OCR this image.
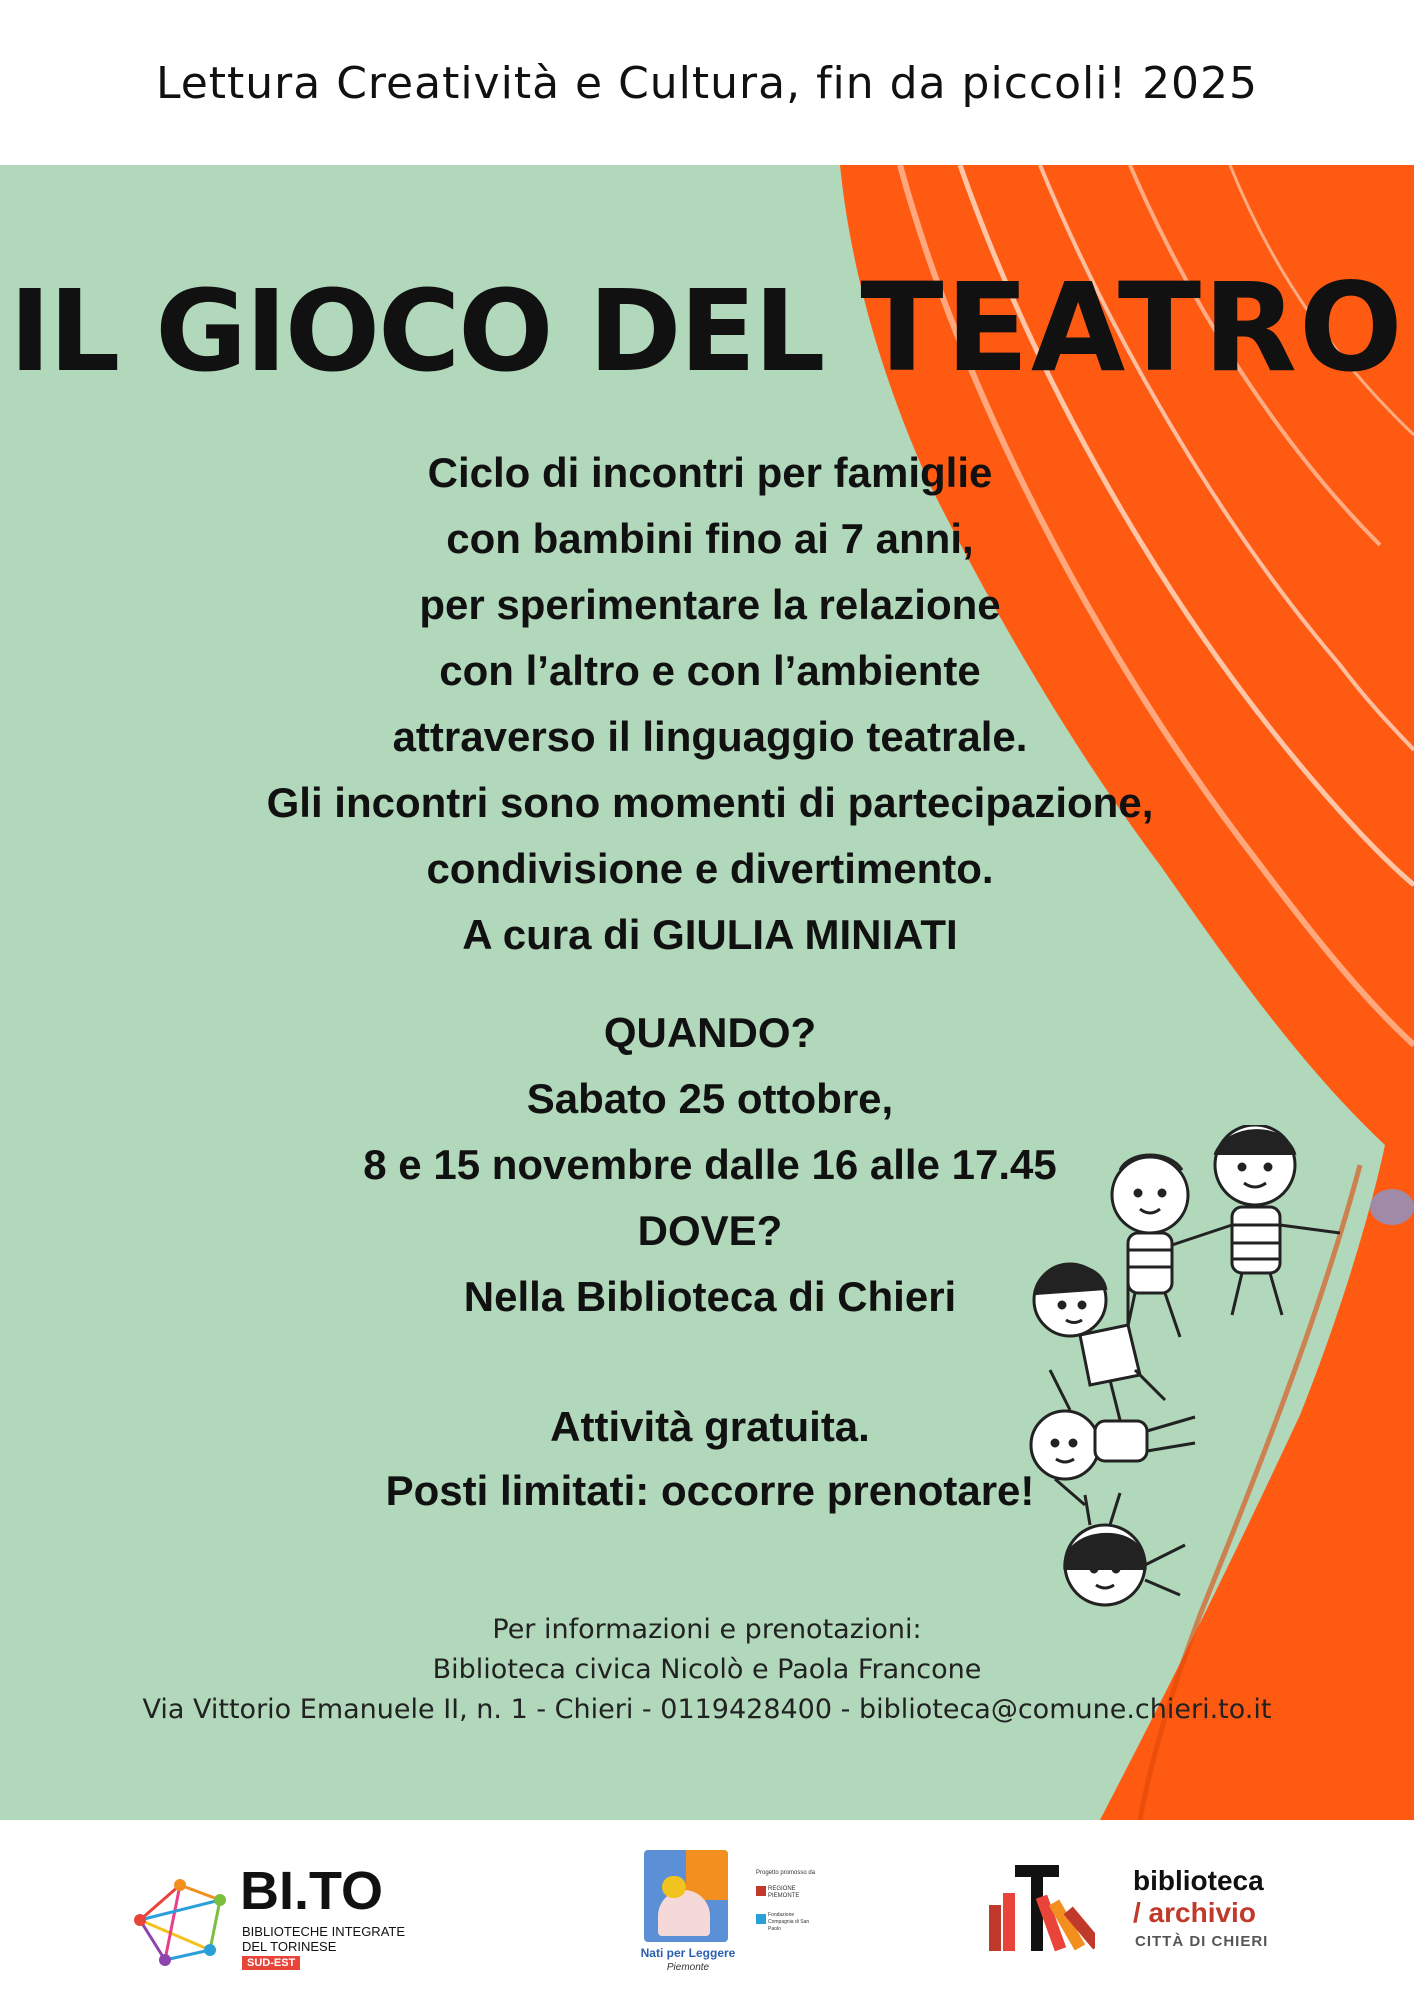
Lettura Creatività e Cultura, fin da piccoli! 2025
IL GIOCO DEL TEATRO
Ciclo di incontri per famiglie
con bambini fino ai 7 anni,
per sperimentare la relazione
con l’altro e con l’ambiente
attraverso il linguaggio teatrale.
Gli incontri sono momenti di partecipazione,
condivisione e divertimento.
A cura di GIULIA MINIATI
QUANDO?
Sabato 25 ottobre,
8 e 15 novembre dalle 16 alle 17.45
DOVE?
Nella Biblioteca di Chieri
Attività gratuita.
Posti limitati: occorre prenotare!
Per informazioni e prenotazioni:
Biblioteca civica Nicolò e Paola Francone
Via Vittorio Emanuele II, n. 1 - Chieri - 0119428400 - biblioteca@comune.chieri.to.it
BI.TO
BIBLIOTECHE INTEGRATE
DEL TORINESE
SUD-EST
Nati per Leggere
Piemonte
Progetto promosso da
REGIONE PIEMONTE
Fondazione Compagnia di San Paolo
biblioteca
/ archivio
CITTÀ DI CHIERI
